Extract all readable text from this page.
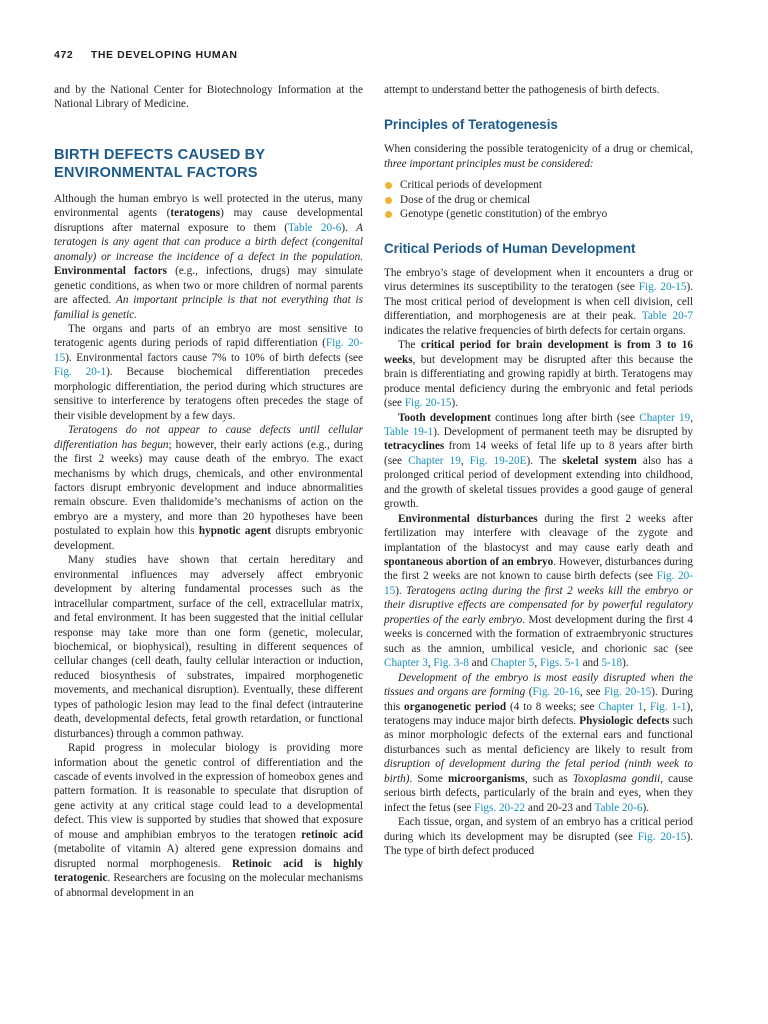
472 THE DEVELOPING HUMAN

and by the National Center for Biotechnology Information at the National Library of Medicine.

BIRTH DEFECTS CAUSED BY
ENVIRONMENTAL FACTORS

Although the human embryo is well protected in the uterus, many environmental agents (teratogens) may cause developmental disruptions after maternal exposure to them (Table 20-6). A teratogen is any agent that can produce a birth defect (congenital anomaly) or increase the incidence of a defect in the population. Environmental factors (e.g., infections, drugs) may simulate genetic conditions, as when two or more children of normal parents are affected. An important principle is that not everything that is familial is genetic.

The organs and parts of an embryo are most sensitive to teratogenic agents during periods of rapid differentiation (Fig. 20-15). Environmental factors cause 7% to 10% of birth defects (see Fig. 20-1). Because biochemical differentiation precedes morphologic differentiation, the period during which structures are sensitive to interference by teratogens often precedes the stage of their visible development by a few days.

Teratogens do not appear to cause defects until cellular differentiation has begun; however, their early actions (e.g., during the first 2 weeks) may cause death of the embryo. The exact mechanisms by which drugs, chemicals, and other environmental factors disrupt embryonic development and induce abnormalities remain obscure. Even thalidomide’s mechanisms of action on the embryo are a mystery, and more than 20 hypotheses have been postulated to explain how this hypnotic agent disrupts embryonic development.

Many studies have shown that certain hereditary and environmental influences may adversely affect embryonic development by altering fundamental processes such as the intracellular compartment, surface of the cell, extracellular matrix, and fetal environment. It has been suggested that the initial cellular response may take more than one form (genetic, molecular, biochemical, or biophysical), resulting in different sequences of cellular changes (cell death, faulty cellular interaction or induction, reduced biosynthesis of substrates, impaired morphogenetic movements, and mechanical disruption). Eventually, these different types of pathologic lesion may lead to the final defect (intrauterine death, developmental defects, fetal growth retardation, or functional disturbances) through a common pathway.

Rapid progress in molecular biology is providing more information about the genetic control of differentiation and the cascade of events involved in the expression of homeobox genes and pattern formation. It is reasonable to speculate that disruption of gene activity at any critical stage could lead to a developmental defect. This view is supported by studies that showed that exposure of mouse and amphibian embryos to the teratogen retinoic acid (metabolite of vitamin A) altered gene expression domains and disrupted normal morphogenesis. Retinoic acid is highly teratogenic. Researchers are focusing on the molecular mechanisms of abnormal development in an

attempt to understand better the pathogenesis of birth defects.

Principles of Teratogenesis

When considering the possible teratogenicity of a drug or chemical, three important principles must be considered:

Critical periods of development
Dose of the drug or chemical
Genotype (genetic constitution) of the embryo
Critical Periods of Human Development

The embryo’s stage of development when it encounters a drug or virus determines its susceptibility to the teratogen (see Fig. 20-15). The most critical period of development is when cell division, cell differentiation, and morphogenesis are at their peak. Table 20-7 indicates the relative frequencies of birth defects for certain organs.

The critical period for brain development is from 3 to 16 weeks, but development may be disrupted after this because the brain is differentiating and growing rapidly at birth. Teratogens may produce mental deficiency during the embryonic and fetal periods (see Fig. 20-15).

Tooth development continues long after birth (see Chapter 19, Table 19-1). Development of permanent teeth may be disrupted by tetracyclines from 14 weeks of fetal life up to 8 years after birth (see Chapter 19, Fig. 19-20E). The skeletal system also has a prolonged critical period of development extending into childhood, and the growth of skeletal tissues provides a good gauge of general growth.

Environmental disturbances during the first 2 weeks after fertilization may interfere with cleavage of the zygote and implantation of the blastocyst and may cause early death and spontaneous abortion of an embryo. However, disturbances during the first 2 weeks are not known to cause birth defects (see Fig. 20-15). Teratogens acting during the first 2 weeks kill the embryo or their disruptive effects are compensated for by powerful regulatory properties of the early embryo. Most development during the first 4 weeks is concerned with the formation of extraembryonic structures such as the amnion, umbilical vesicle, and chorionic sac (see Chapter 3, Fig. 3-8 and Chapter 5, Figs. 5-1 and 5-18).

Development of the embryo is most easily disrupted when the tissues and organs are forming (Fig. 20-16, see Fig. 20-15). During this organogenetic period (4 to 8 weeks; see Chapter 1, Fig. 1-1), teratogens may induce major birth defects. Physiologic defects such as minor morphologic defects of the external ears and functional disturbances such as mental deficiency are likely to result from disruption of development during the fetal period (ninth week to birth). Some microorganisms, such as Toxoplasma gondii, cause serious birth defects, particularly of the brain and eyes, when they infect the fetus (see Figs. 20-22 and 20-23 and Table 20-6).

Each tissue, organ, and system of an embryo has a critical period during which its development may be disrupted (see Fig. 20-15). The type of birth defect produced
